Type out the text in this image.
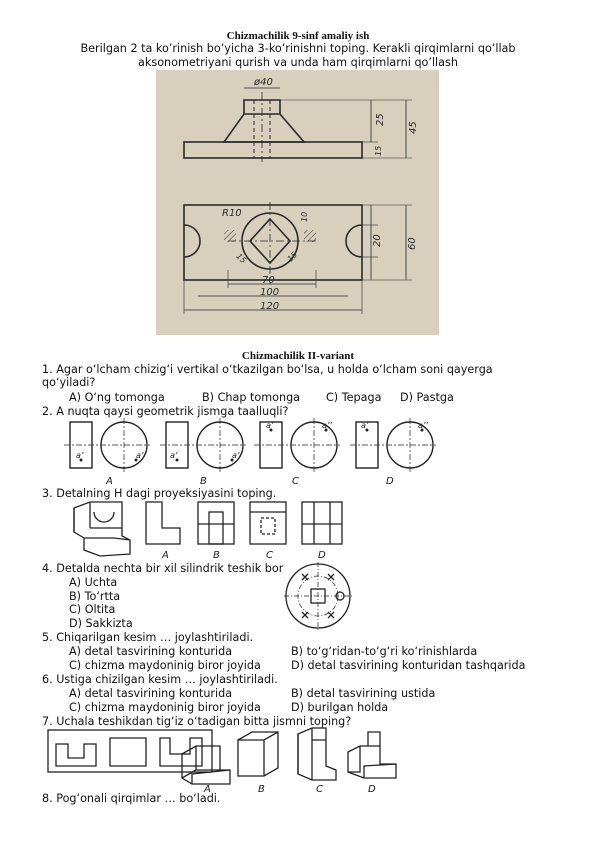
Chizmachilik 9-sinf amaliy ish
Berilgan 2 ta ko’rinish bo’yicha 3-ko’rinishni toping. Kerakli qirqimlarni qo’llab aksonometriyani qurish va unda ham qirqimlarni qo’llash
ø40
25
45
15
R10	10
15	15
20 60
70
100
120
Chizmachilik II-variant
1. Agar o‘lcham chizig‘i vertikal o‘tkazilgan bo‘lsa, u holda o‘lcham soni qayerga qo‘yiladi?
A) O‘ng tomonga	B) Chap tomonga C) Tepaga D) Pastga
2. A nuqta qaysi geometrik jismga taalluqli?
a’	a’’	a’	a’’
a’	a’’	a’	a’’
A	B	C	D
3. Detalning H dagi proyeksiyasini toping.
A	B	C	D
4. Detalda nechta bir xil silindrik teshik bor
A) Uchta
B) To‘rtta
C) Oltita
D) Sakkizta
5. Chiqarilgan kesim … joylashtiriladi.
A) detal tasvirining konturida	B) to‘g‘ridan-to‘g‘ri ko‘rinishlarda
C) chizma maydoninig biror joyida	D) detal tasvirining konturidan tashqarida
6. Ustiga chizilgan kesim … joylashtiriladi.
A) detal tasvirining konturida	B) detal tasvirining ustida
C) chizma maydoninig biror joyida	D) burilgan holda
7. Uchala teshikdan tig‘iz o‘tadigan bitta jismni toping?
A	B	C	D
8. Pog‘onali qirqimlar … bo‘ladi.
